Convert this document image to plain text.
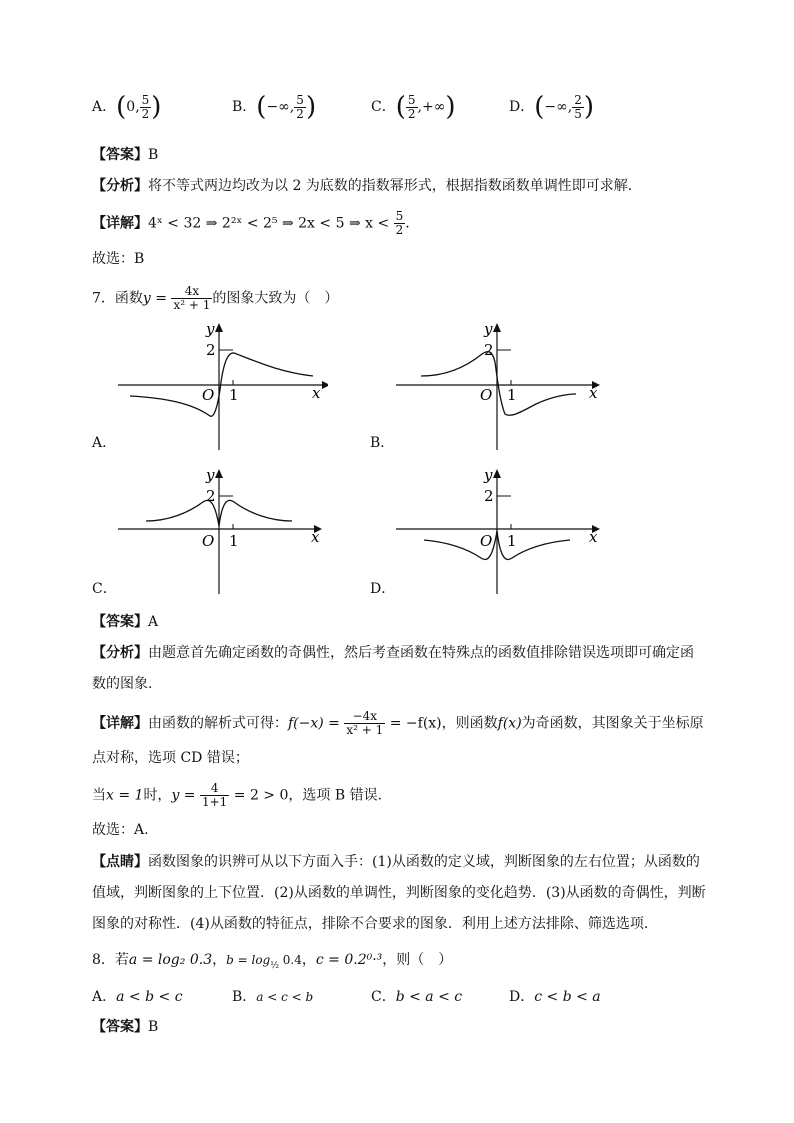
A．(0, $\frac{5}{2}$ )	B．(−∞, $\frac{5}{2}$ )	C．( $\frac{5}{2}$ ,+∞)	D．(−∞, $\frac{2}{5}$ )
【答案】B
【分析】将不等式两边均改为以 2 为底数的指数幂形式，根据指数函数单调性即可求解.
【详解】4ˣ < 32 ⇒ 2²ˣ < 2⁵ ⇒ 2x < 5 ⇒ $x < \frac{5}{2}$ .
故选：B
7．函数$y = \frac{4x}{\text{x² + 1}}$ 的图象大致为（　）
y
x
O 1
2
A．
y
x
O 1
2
B．
y
x
O 1
2
C．
y
x
O 1
2
D．
【答案】A
【分析】由题意首先确定函数的奇偶性，然后考查函数在特殊点的函数值排除错误选项即可确定函
数的图象.
【详解】由函数的解析式可得：$f(-x) = \frac{-4x}{\text{x² + 1}} = -f(x)$，则函数f(x)为奇函数，其图象关于坐标原
点对称，选项 CD 错误；
当x = 1时，$y = \frac{4}{1+1} = 2 > 0$，选项 B 错误.
故选：A.
【点睛】函数图象的识辨可从以下方面入手：(1)从函数的定义域，判断图象的左右位置；从函数的
值域，判断图象的上下位置．(2)从函数的单调性，判断图象的变化趋势．(3)从函数的奇偶性，判断
图象的对称性．(4)从函数的特征点，排除不合要求的图象．利用上述方法排除、筛选选项．
8．若a = log₂ 0.3，$b = \log_{\frac{1}{2}} 0.4$，c = 0.2⁰·³，则（　）
A．a < b < c	B．a < c < b	C．b < a < c	D．c < b < a
【答案】B
